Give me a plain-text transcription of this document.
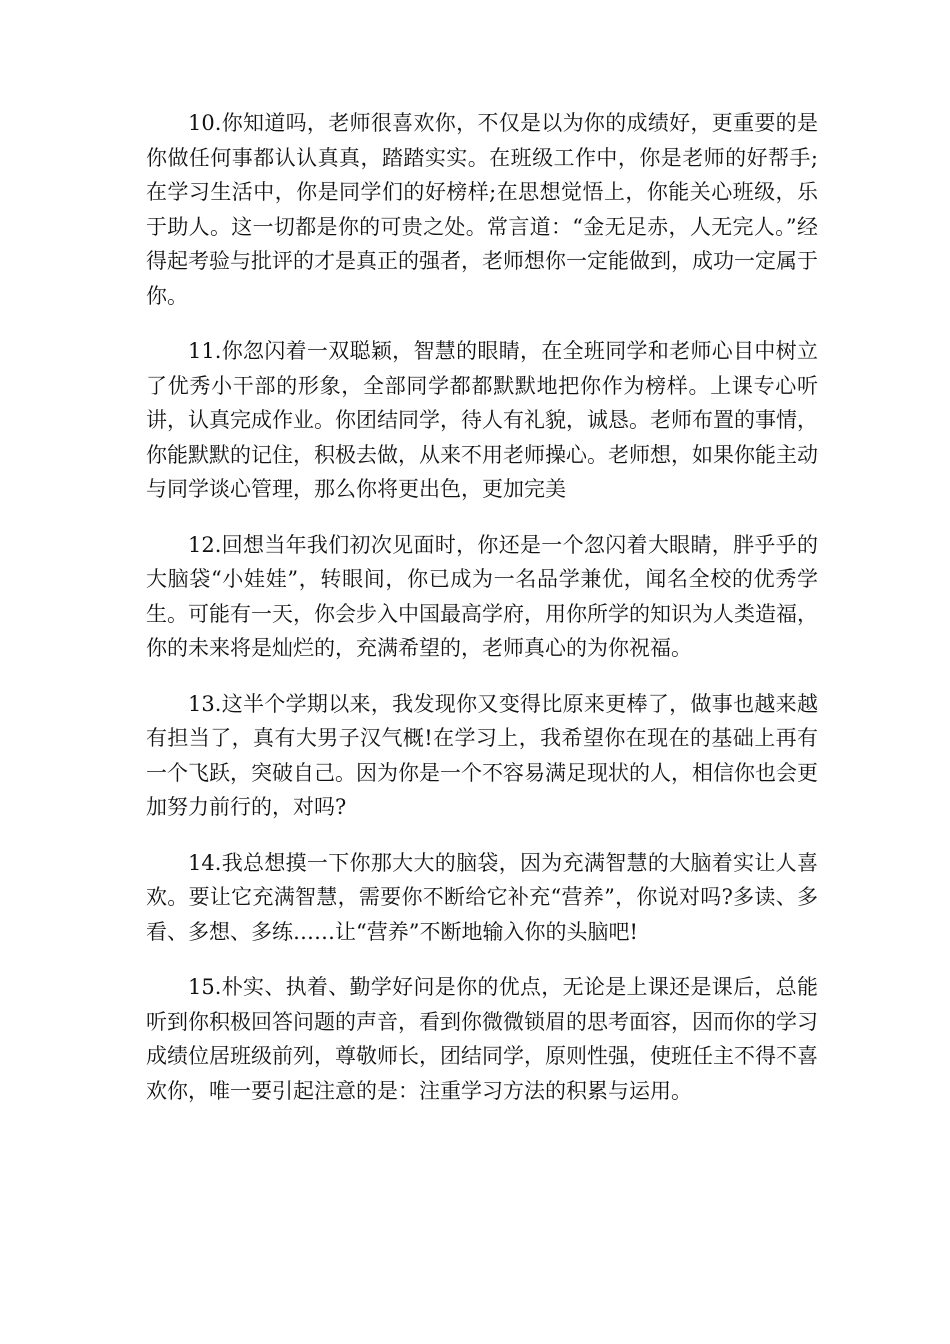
10.你知道吗，老师很喜欢你，不仅是以为你的成绩好，更重要的是你做任何事都认认真真，踏踏实实。在班级工作中，你是老师的好帮手;在学习生活中，你是同学们的好榜样;在思想觉悟上，你能关心班级，乐于助人。这一切都是你的可贵之处。常言道：“金无足赤，人无完人。”经得起考验与批评的才是真正的强者，老师想你一定能做到，成功一定属于你。

11.你忽闪着一双聪颖，智慧的眼睛，在全班同学和老师心目中树立了优秀小干部的形象，全部同学都都默默地把你作为榜样。上课专心听讲，认真完成作业。你团结同学，待人有礼貌，诚恳。老师布置的事情，你能默默的记住，积极去做，从来不用老师操心。老师想，如果你能主动与同学谈心管理，那么你将更出色，更加完美

12.回想当年我们初次见面时，你还是一个忽闪着大眼睛，胖乎乎的大脑袋“小娃娃”，转眼间，你已成为一名品学兼优，闻名全校的优秀学生。可能有一天，你会步入中国最高学府，用你所学的知识为人类造福，你的未来将是灿烂的，充满希望的，老师真心的为你祝福。

13.这半个学期以来，我发现你又变得比原来更棒了，做事也越来越有担当了，真有大男子汉气概!在学习上，我希望你在现在的基础上再有一个飞跃，突破自己。因为你是一个不容易满足现状的人，相信你也会更加努力前行的，对吗?

14.我总想摸一下你那大大的脑袋，因为充满智慧的大脑着实让人喜欢。要让它充满智慧，需要你不断给它补充“营养”，你说对吗?多读、多看、多想、多练……让“营养”不断地输入你的头脑吧!

15.朴实、执着、勤学好问是你的优点，无论是上课还是课后，总能听到你积极回答问题的声音，看到你微微锁眉的思考面容，因而你的学习成绩位居班级前列，尊敬师长，团结同学，原则性强，使班任主不得不喜欢你，唯一要引起注意的是：注重学习方法的积累与运用。
